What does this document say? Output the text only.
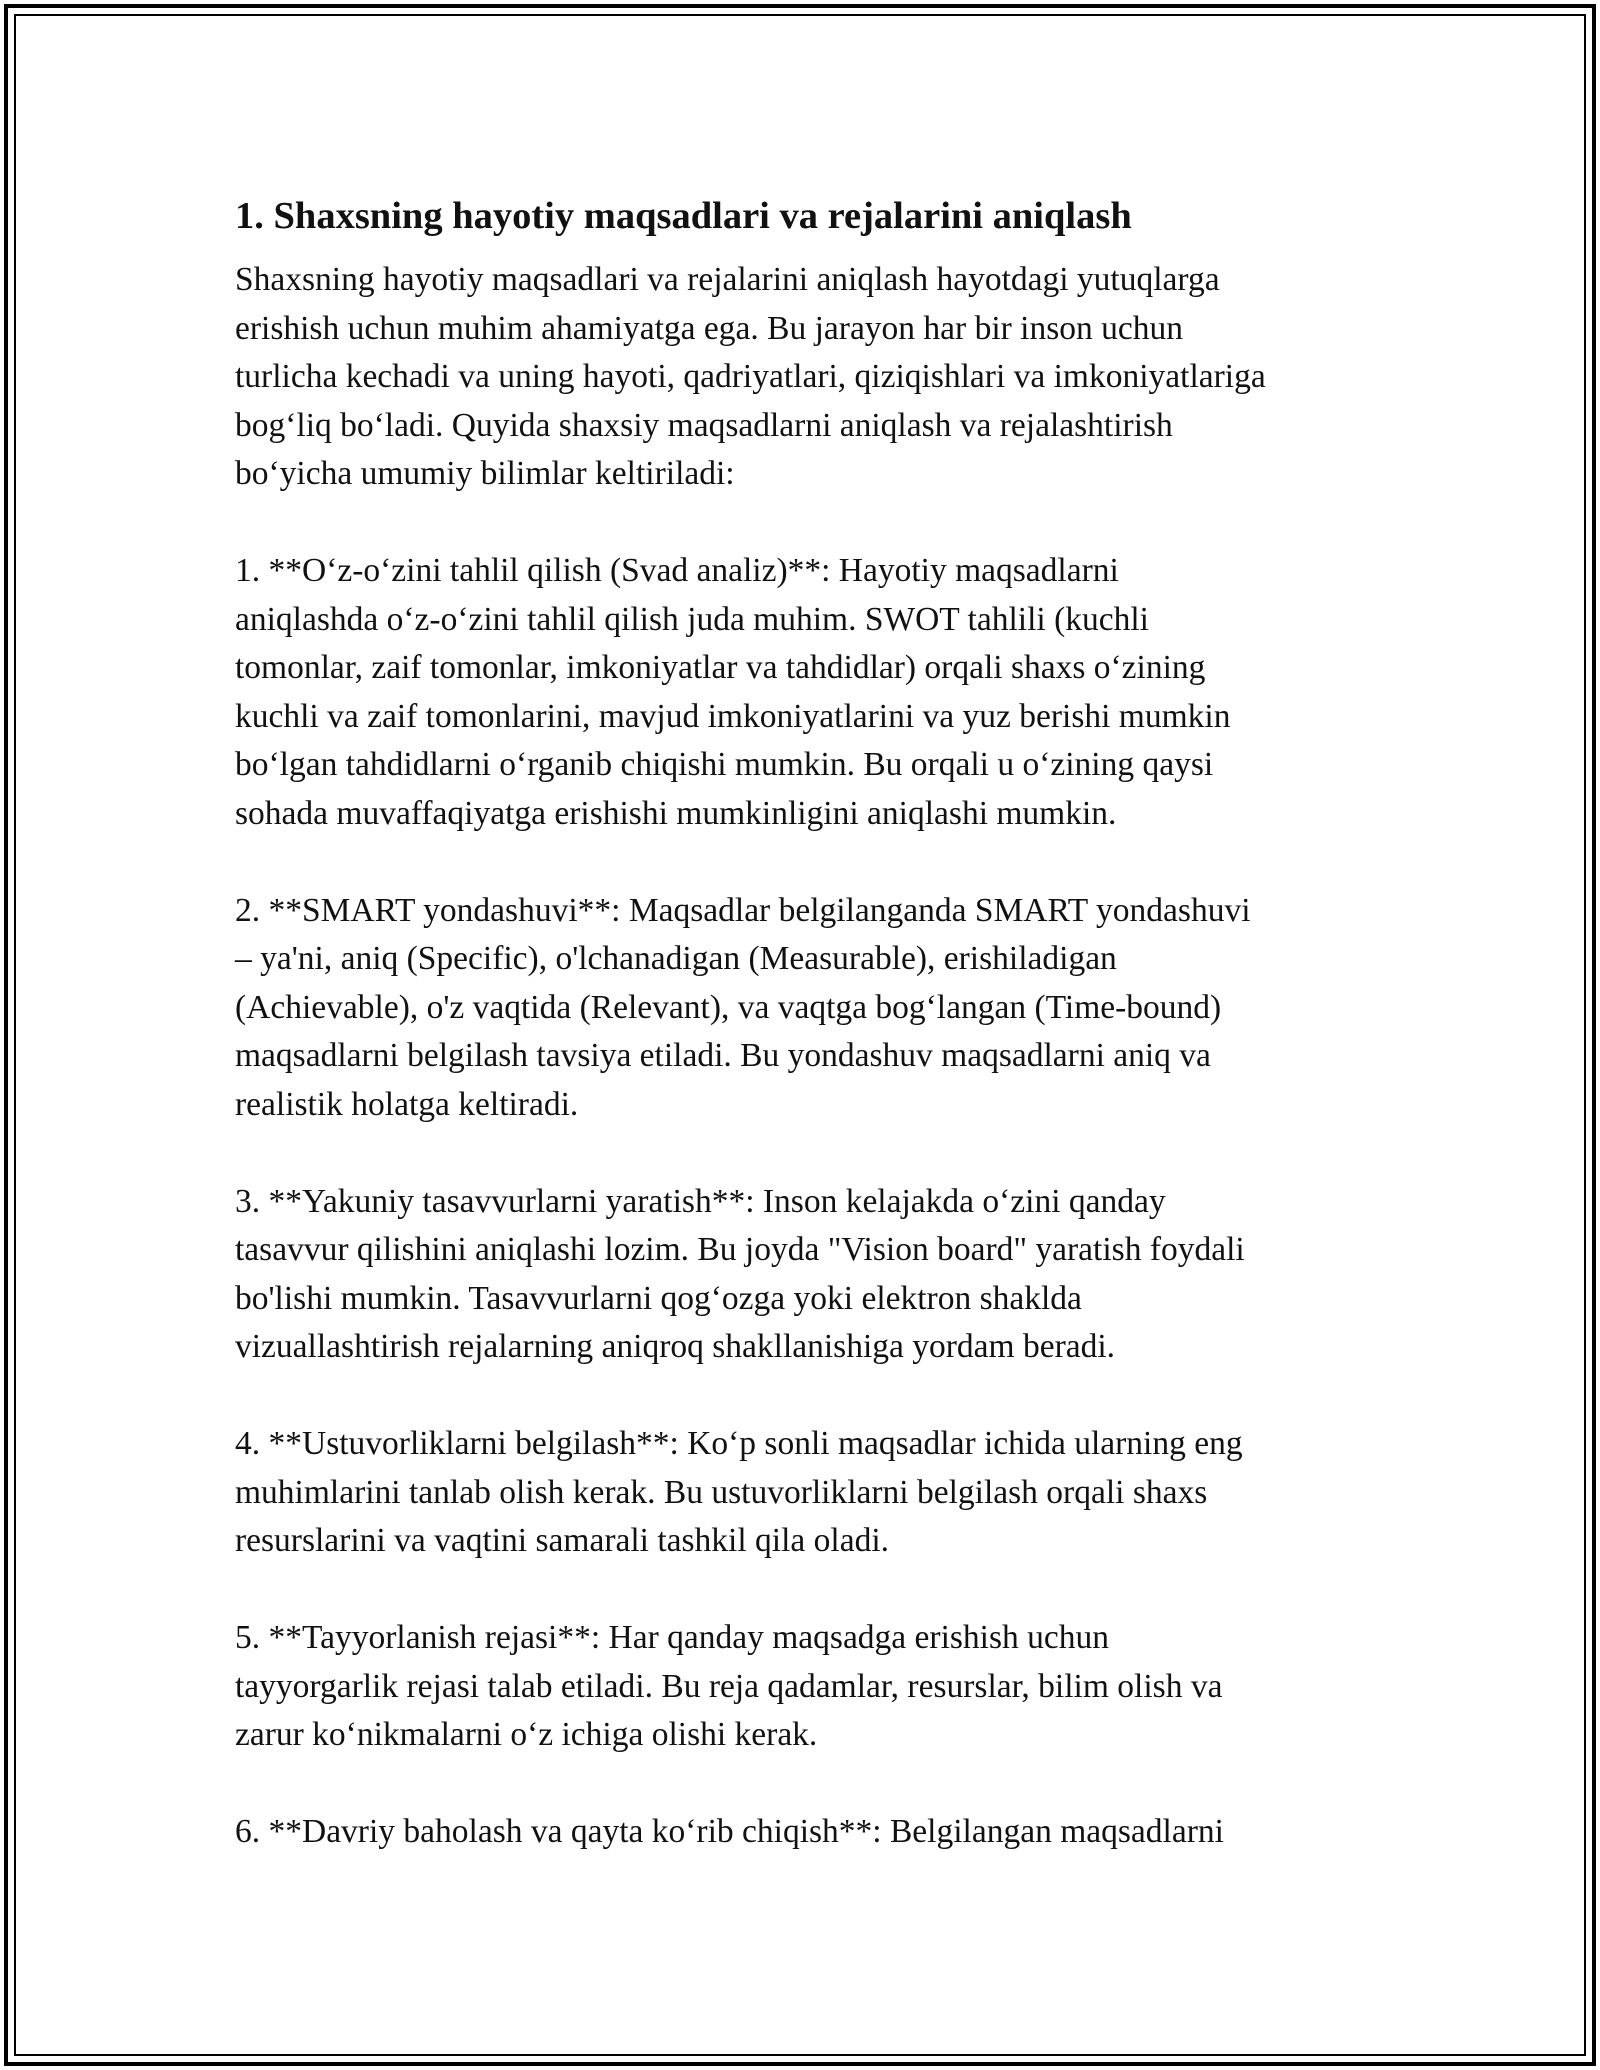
1. Shaxsning hayotiy maqsadlari va rejalarini aniqlash

Shaxsning hayotiy maqsadlari va rejalarini aniqlash hayotdagi yutuqlarga
erishish uchun muhim ahamiyatga ega. Bu jarayon har bir inson uchun
turlicha kechadi va uning hayoti, qadriyatlari, qiziqishlari va imkoniyatlariga
bog‘liq bo‘ladi. Quyida shaxsiy maqsadlarni aniqlash va rejalashtirish
bo‘yicha umumiy bilimlar keltiriladi:

1. **O‘z-o‘zini tahlil qilish (Svad analiz)**: Hayotiy maqsadlarni
aniqlashda o‘z-o‘zini tahlil qilish juda muhim. SWOT tahlili (kuchli
tomonlar, zaif tomonlar, imkoniyatlar va tahdidlar) orqali shaxs o‘zining
kuchli va zaif tomonlarini, mavjud imkoniyatlarini va yuz berishi mumkin
bo‘lgan tahdidlarni o‘rganib chiqishi mumkin. Bu orqali u o‘zining qaysi
sohada muvaffaqiyatga erishishi mumkinligini aniqlashi mumkin.

2. **SMART yondashuvi**: Maqsadlar belgilanganda SMART yondashuvi
– ya'ni, aniq (Specific), o'lchanadigan (Measurable), erishiladigan
(Achievable), o'z vaqtida (Relevant), va vaqtga bog‘langan (Time-bound)
maqsadlarni belgilash tavsiya etiladi. Bu yondashuv maqsadlarni aniq va
realistik holatga keltiradi.

3. **Yakuniy tasavvurlarni yaratish**: Inson kelajakda o‘zini qanday
tasavvur qilishini aniqlashi lozim. Bu joyda "Vision board" yaratish foydali
bo'lishi mumkin. Tasavvurlarni qog‘ozga yoki elektron shaklda
vizuallashtirish rejalarning aniqroq shakllanishiga yordam beradi.

4. **Ustuvorliklarni belgilash**: Ko‘p sonli maqsadlar ichida ularning eng
muhimlarini tanlab olish kerak. Bu ustuvorliklarni belgilash orqali shaxs
resurslarini va vaqtini samarali tashkil qila oladi.

5. **Tayyorlanish rejasi**: Har qanday maqsadga erishish uchun
tayyorgarlik rejasi talab etiladi. Bu reja qadamlar, resurslar, bilim olish va
zarur ko‘nikmalarni o‘z ichiga olishi kerak.

6. **Davriy baholash va qayta ko‘rib chiqish**: Belgilangan maqsadlarni
